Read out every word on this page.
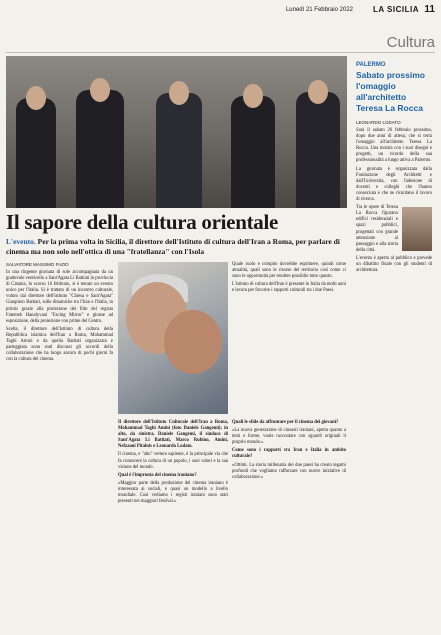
Lunedì 21 Febbraio 2022 LA SICILIA 11
Cultura
Il sapore della cultura orientale
L'evento. Per la prima volta in Sicilia, il direttore dell'Istituto di cultura dell'Iran a Roma, per parlare di cinema ma non solo nell'ottica di una "fratellanza" con l'Isola
SALVATORE MASSIMO FAZIO

In una ringente giornata di sole accompagnata da un gradevole venticello a Sant'Agata Li Battiati in provincia di Catania, lo scorso 16 febbraio, si è tenuto un evento unico per l'Italia. Si è trattato di un incontro culturale, voluto dal direttore dell'istituto "Chiesa e Sant'Agata" Gianpiero Battiati, sulle dinamiche tra l'Iran e l'Italia, in primis grazie alla proiezione del film del regista Fatemeh Hanalyvani "Facing Mirror" e giunse ad esposizione, della proiezione con prime del Centro.

Scelta, il direttore dell'Istituto di cultura della Repubblica islamica dell'Iran a Roma, Mohammad Taghi Amini e da quella Battiati organizzata e parteggiata sono stati discussi gli accordi della collaborazione che ha luogo ancora di pochi giorni fa con la cultura del cinema.

Quale ruolo e compito dovrebbe esprimere, quindi come attualità, quali sono le risorse del territorio così come ci sono le opportunità per rendere possibile tutto questo.

L'istituto di cultura dell'Iran è presente in Italia da molti anni e lavora per favorire i rapporti culturali tra i due Paesi.

Il direttore dell'Istituto Culturale dell'Iran a Roma, Mohammad Taghi Amini (foto Daniele Gangemi); in alto, da sinistra, Daniele Gangemi, il sindaco di Sant'Agata Li Battiati, Marco Rubino, Amini, Nefzaoui Pitaluis e Leonardo Lodato.

Il cinema, e "alto" vettore sapiente, è la principale via che fa conoscere la cultura di un popolo, i suoi valori e la sua visione del mondo.

Qual è l'impronta del cinema iraniano?

«Maggior parte della produzione del cinema iraniano è interessata ai sociali, e quasi un modello a livello mondiale. Così vediamo i registi iraniani sono stati presenti nei maggiori festival.»

Quali le sfide da affrontare per il cinema dei giovani?

«La nuova generazione di cineasti iraniani, aperta quanto a temi e forme, vuole raccontare con sguardi originali il proprio mondo.»

Come sono i rapporti tra Iran e Italia in ambito culturale?

«Ottimi. La storia millenaria dei due paesi ha creato legami profondi che vogliamo rafforzare con nuove iniziative di collaborazione.»

PALERMO
Sabato prossimo l'omaggio all'architetto Teresa La Rocca
LEONARDO LODATO

Sarà il sabato 26 febbraio prossimo, dopo due anni di attesa, che si terrà l'omaggio all'architetto Teresa La Rocca. Una mostra con i suoi disegni e progetti, un ricordo della sua professionalità a lungo attiva a Palermo.

La giornata è organizzata dalla Fondazione degli Architetti e dall'Università, con l'adesione di docenti e colleghi che l'hanno conosciuta e che ne ricordano il lavoro di ricerca.

Tra le opere di Teresa La Rocca figurano edifici residenziali e spazi pubblici, progettati con grande attenzione al paesaggio e alla storia della città.

L'evento è aperto al pubblico e prevede un dibattito finale con gli studenti di architettura.
